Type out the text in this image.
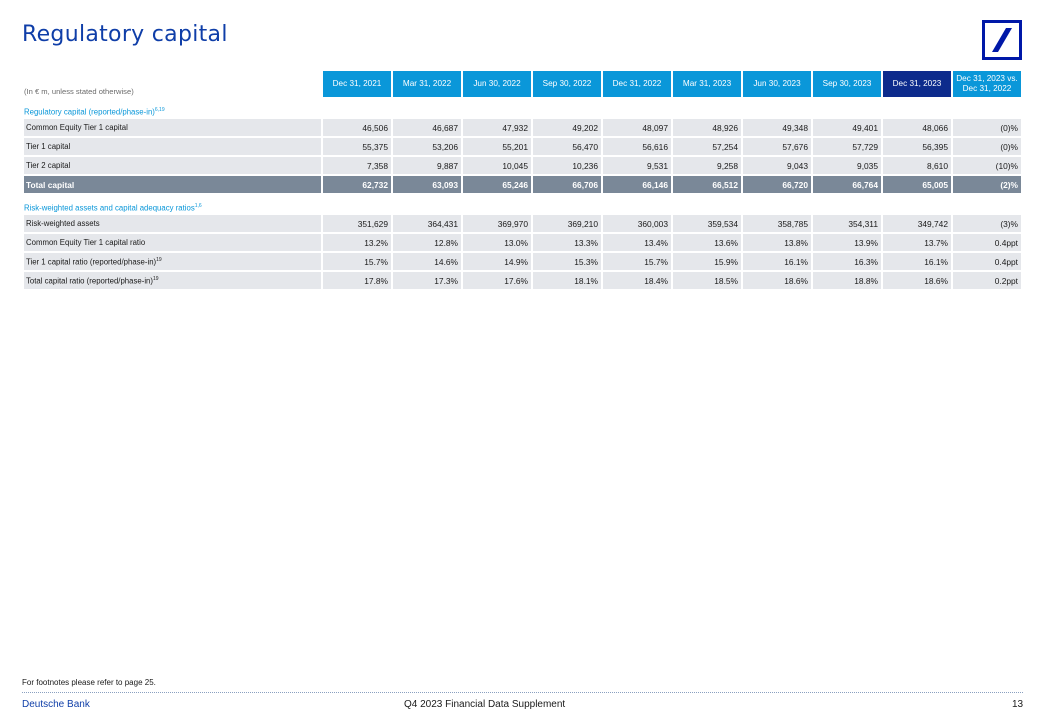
Regulatory capital
(In € m, unless stated otherwise)	Dec 31, 2021	Mar 31, 2022	Jun 30, 2022	Sep 30, 2022	Dec 31, 2022	Mar 31, 2023	Jun 30, 2023	Sep 30, 2023	Dec 31, 2023	Dec 31, 2023 vs. Dec 31, 2022
Regulatory capital (reported/phase-in)$^{6,19}$
Common Equity Tier 1 capital	46,506	46,687	47,932	49,202	48,097	48,926	49,348	49,401	48,066	(0)%
Tier 1 capital	55,375	53,206	55,201	56,470	56,616	57,254	57,676	57,729	56,395	(0)%
Tier 2 capital	7,358	9,887	10,045	10,236	9,531	9,258	9,043	9,035	8,610	(10)%
Total capital	62,732	63,093	65,246	66,706	66,146	66,512	66,720	66,764	65,005	(2)%
Risk-weighted assets and capital adequacy ratios$^{1,6}$
Risk-weighted assets	351,629	364,431	369,970	369,210	360,003	359,534	358,785	354,311	349,742	(3)%
Common Equity Tier 1 capital ratio	13.2%	12.8%	13.0%	13.3%	13.4%	13.6%	13.8%	13.9%	13.7%	0.4ppt
Tier 1 capital ratio (reported/phase-in)$^{19}$	15.7%	14.6%	14.9%	15.3%	15.7%	15.9%	16.1%	16.3%	16.1%	0.4ppt
Total capital ratio (reported/phase-in)$^{19}$	17.8%	17.3%	17.6%	18.1%	18.4%	18.5%	18.6%	18.8%	18.6%	0.2ppt
For footnotes please refer to page 25.
Deutsche Bank	Q4 2023 Financial Data Supplement	13
